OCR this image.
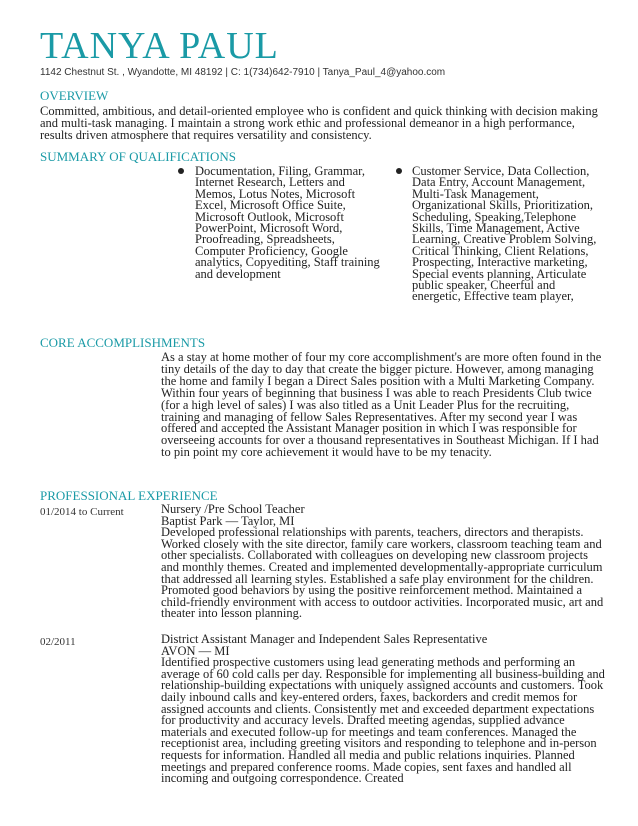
TANYA PAUL
1142 Chestnut St. , Wyandotte, MI 48192 | C: 1(734)642-7910 | Tanya_Paul_4@yahoo.com
OVERVIEW
Committed, ambitious, and detail-oriented employee who is confident and quick thinking with decision making and multi-task managing. I maintain a strong work ethic and professional demeanor in a high performance, results driven atmosphere that requires versatility and consistency.
SUMMARY OF QUALIFICATIONS
Documentation, Filing, Grammar, Internet Research, Letters and Memos, Lotus Notes, Microsoft Excel, Microsoft Office Suite, Microsoft Outlook, Microsoft PowerPoint, Microsoft Word, Proofreading, Spreadsheets, Computer Proficiency, Google analytics, Copyediting, Staff training and development
Customer Service, Data Collection, Data Entry, Account Management, Multi-Task Management, Organizational Skills, Prioritization, Scheduling, Speaking,Telephone Skills, Time Management, Active Learning, Creative Problem Solving, Critical Thinking, Client Relations, Prospecting, Interactive marketing, Special events planning, Articulate public speaker, Cheerful and energetic, Effective team player,
CORE ACCOMPLISHMENTS
As a stay at home mother of four my core accomplishment's are more often found in the tiny details of the day to day that create the bigger picture. However, among managing the home and family I began a Direct Sales position with a Multi Marketing Company. Within four years of beginning that business I was able to reach Presidents Club twice (for a high level of sales) I was also titled as a Unit Leader Plus for the recruiting, training and managing of fellow Sales Representatives. After my second year I was offered and accepted the Assistant Manager position in which I was responsible for overseeing accounts for over a thousand representatives in Southeast Michigan. If I had to pin point my core achievement it would have to be my tenacity.
PROFESSIONAL EXPERIENCE
01/2014 to Current	Nursery /Pre School Teacher
Baptist Park — Taylor, MI
Developed professional relationships with parents, teachers, directors and therapists. Worked closely with the site director, family care workers, classroom teaching team and other specialists. Collaborated with colleagues on developing new classroom projects and monthly themes. Created and implemented developmentally-appropriate curriculum that addressed all learning styles. Established a safe play environment for the children. Promoted good behaviors by using the positive reinforcement method. Maintained a child-friendly environment with access to outdoor activities. Incorporated music, art and theater into lesson planning.
02/2011	District Assistant Manager and Independent Sales Representative
AVON — MI
Identified prospective customers using lead generating methods and performing an average of 60 cold calls per day. Responsible for implementing all business-building and relationship-building expectations with uniquely assigned accounts and customers. Took daily inbound calls and key-entered orders, faxes, backorders and credit memos for assigned accounts and clients. Consistently met and exceeded department expectations for productivity and accuracy levels. Drafted meeting agendas, supplied advance materials and executed follow-up for meetings and team conferences. Managed the receptionist area, including greeting visitors and responding to telephone and in-person requests for information. Handled all media and public relations inquiries. Planned meetings and prepared conference rooms. Made copies, sent faxes and handled all incoming and outgoing correspondence. Created
